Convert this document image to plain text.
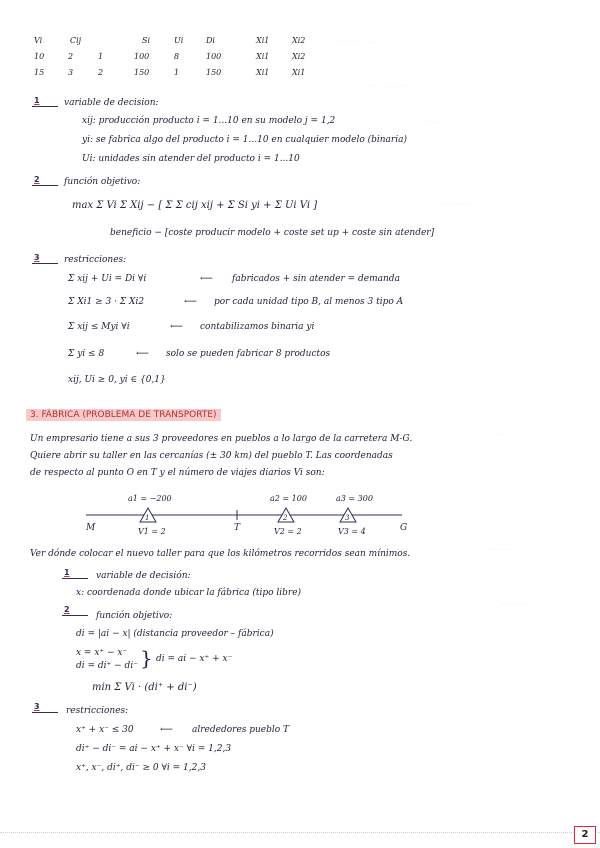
··· ·· ·· ···· ····
·· ··· ·· ··· ·····
···· ··· ·· ·· ···
·· ·· ···· ··
··· ·· ·· ····
·· ···· ·· ···
··· ·· ····
Vi	Cij	Si	Ui	Di	Xi1	Xi2
10	2	1	100	8	100	Xi1	Xi2
15	3	2	150	1	150	Xi1	Xi1
1	variable de decision:
xij: producción producto i = 1...10 en su modelo j = 1,2
yi: se fabrica algo del producto i = 1...10 en cualquier modelo (binaria)
Ui: unidades sin atender del producto i = 1...10
2	función objetivo:
max Σ Vi Σ Xij − [ Σ Σ cij xij + Σ Si yi + Σ Ui Vi ]
beneficio − [coste producir modelo + coste set up + coste sin atender]
3	restricciones:
Σ xij + Ui = Di ∀i	⟵ fabricados + sin atender = demanda
Σ Xi1 ≥ 3 · Σ Xi2	⟵ por cada unidad tipo B, al menos 3 tipo A
Σ xij ≤ Myi ∀i	⟵ contabilizamos binaria yi
Σ yi ≤ 8	⟵ solo se pueden fabricar 8 productos
xij, Ui ≥ 0, yi ∈ {0,1}
3. FÁBRICA (PROBLEMA DE TRANSPORTE)
Un empresario tiene a sus 3 proveedores en pueblos a lo largo de la carretera M-G.
Quiere abrir su taller en las cercanías (± 30 km) del pueblo T. Las coordenadas
de respecto al punto O en T y el número de viajes diarios Vi son:
M	G
T
a1 = −200
1
V1 = 2
a2 = 100
2
V2 = 2
a3 = 300
3
V3 = 4
Ver dónde colocar el nuevo taller para que los kilómetros recorridos sean mínimos.
1	variable de decisión:
x: coordenada donde ubicar la fábrica (tipo libre)
2
función objetivo:
di = |ai − x| (distancia proveedor – fábrica)
x = x⁺ − x⁻
di = di⁺ − di⁻ } di = ai − x⁺ + x⁻
min Σ Vi · (di⁺ + di⁻)
3	restricciones:
x⁺ + x⁻ ≤ 30	⟵ alrededores pueblo T
di⁺ − di⁻ = ai − x⁺ + x⁻ ∀i = 1,2,3
x⁺, x⁻, di⁺, di⁻ ≥ 0 ∀i = 1,2,3
2
